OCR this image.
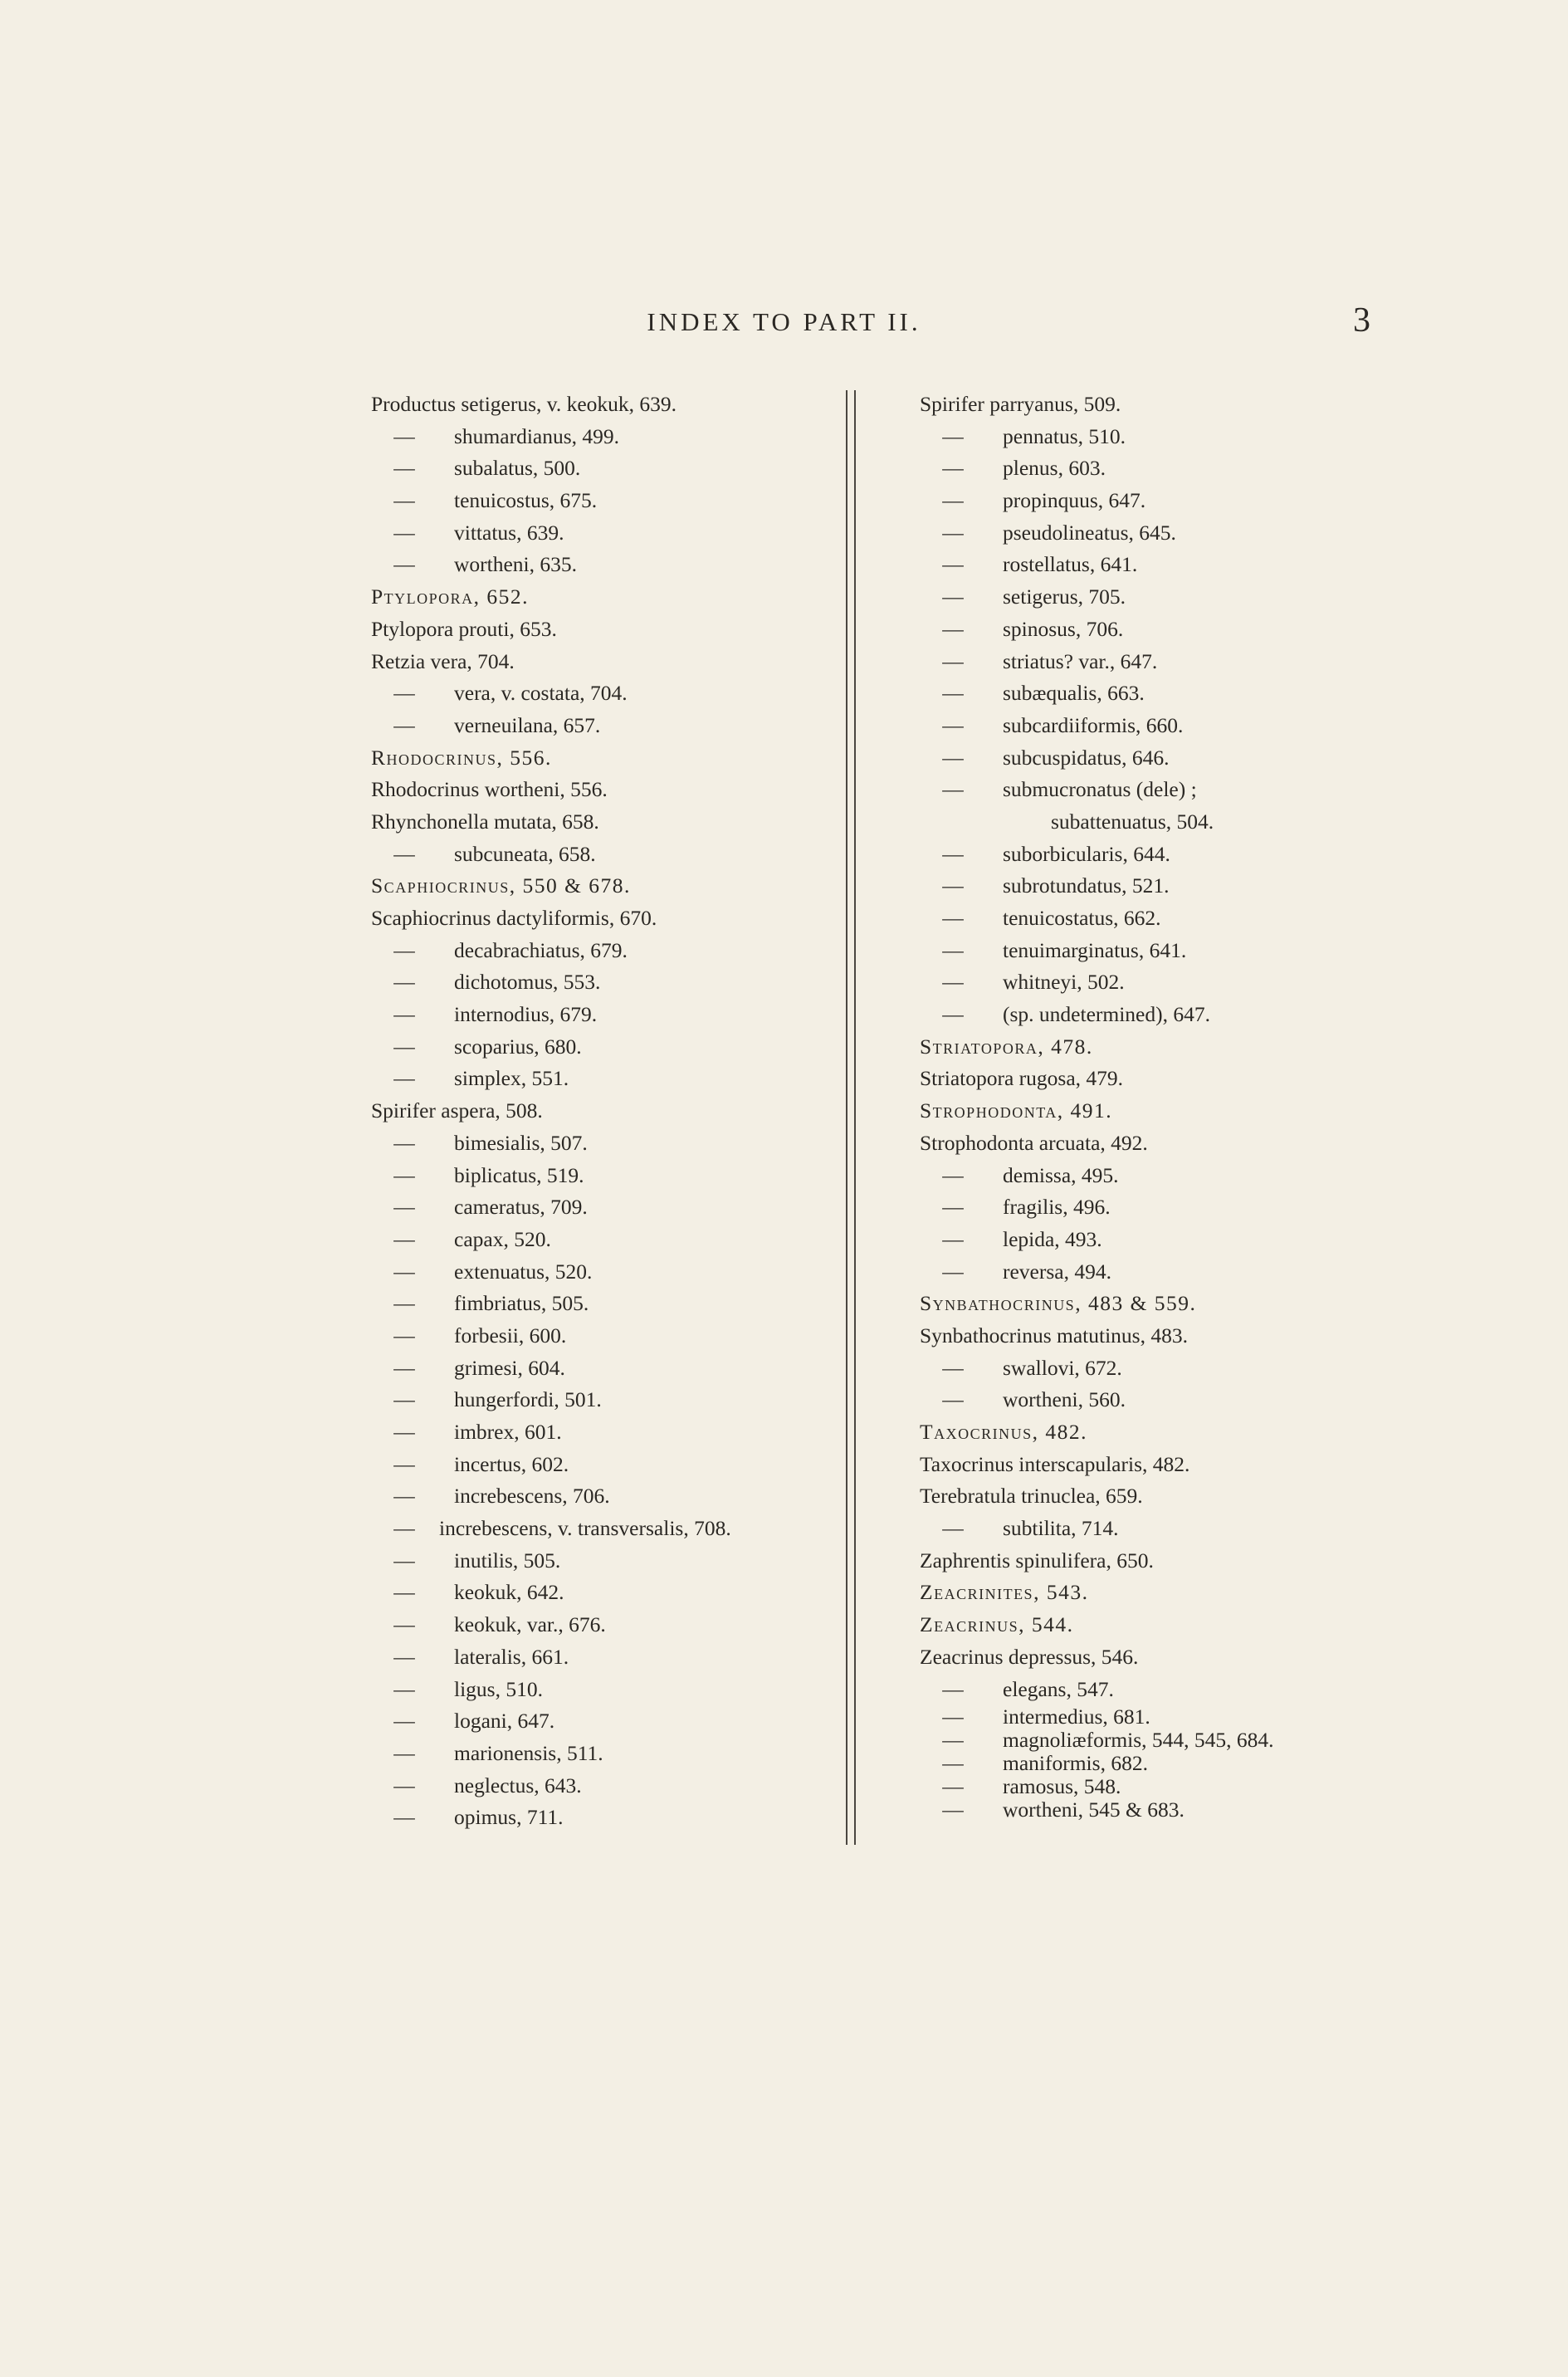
INDEX TO PART II.	3
Productus setigerus, v. keokuk, 639.
— shumardianus, 499.
— subalatus, 500.
— tenuicostus, 675.
— vittatus, 639.
— wortheni, 635.
Ptylopora, 652.
Ptylopora prouti, 653.
Retzia vera, 704.
— vera, v. costata, 704.
— verneuilana, 657.
Rhodocrinus, 556.
Rhodocrinus wortheni, 556.
Rhynchonella mutata, 658.
— subcuneata, 658.
Scaphiocrinus, 550 & 678.
Scaphiocrinus dactyliformis, 670.
— decabrachiatus, 679.
— dichotomus, 553.
— internodius, 679.
— scoparius, 680.
— simplex, 551.
Spirifer aspera, 508.
— bimesialis, 507.
— biplicatus, 519.
— cameratus, 709.
— capax, 520.
— extenuatus, 520.
— fimbriatus, 505.
— forbesii, 600.
— grimesi, 604.
— hungerfordi, 501.
— imbrex, 601.
— incertus, 602.
— increbescens, 706.
— increbescens, v. transversalis, 708.
— inutilis, 505.
— keokuk, 642.
— keokuk, var., 676.
— lateralis, 661.
— ligus, 510.
— logani, 647.
— marionensis, 511.
— neglectus, 643.
— opimus, 711.
Spirifer parryanus, 509.
— pennatus, 510.
— plenus, 603.
— propinquus, 647.
— pseudolineatus, 645.
— rostellatus, 641.
— setigerus, 705.
— spinosus, 706.
— striatus? var., 647.
— subæqualis, 663.
— subcardiiformis, 660.
— subcuspidatus, 646.
— submucronatus (dele) ;
subattenuatus, 504.
— suborbicularis, 644.
— subrotundatus, 521.
— tenuicostatus, 662.
— tenuimarginatus, 641.
— whitneyi, 502.
— (sp. undetermined), 647.
Striatopora, 478.
Striatopora rugosa, 479.
Strophodonta, 491.
Strophodonta arcuata, 492.
— demissa, 495.
— fragilis, 496.
— lepida, 493.
— reversa, 494.
Synbathocrinus, 483 & 559.
Synbathocrinus matutinus, 483.
— swallovi, 672.
— wortheni, 560.
Taxocrinus, 482.
Taxocrinus interscapularis, 482.
Terebratula trinuclea, 659.
— subtilita, 714.
Zaphrentis spinulifera, 650.
Zeacrinites, 543.
Zeacrinus, 544.
Zeacrinus depressus, 546.
— elegans, 547.
— intermedius, 681.
— magnoliæformis, 544, 545, 684.
— maniformis, 682.
— ramosus, 548.
— wortheni, 545 & 683.
